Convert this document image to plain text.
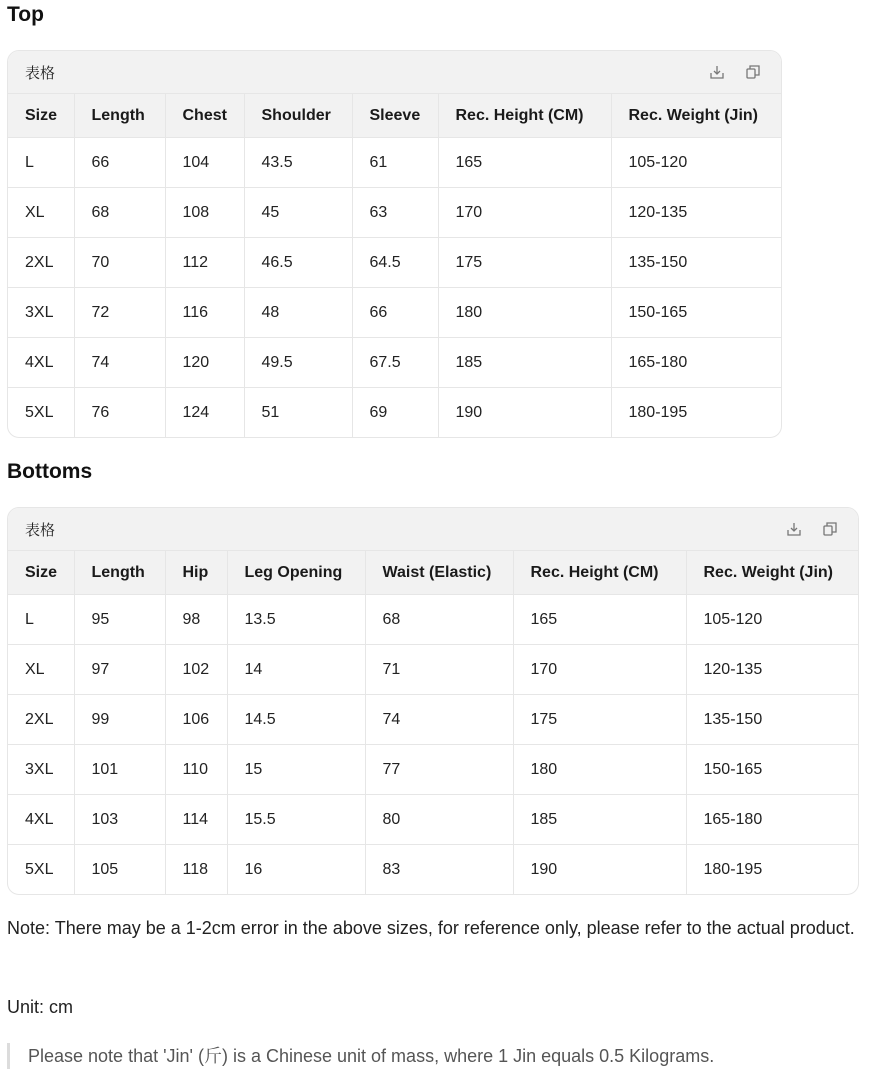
Top
表格
Size	Length	Chest	Shoulder	Sleeve	Rec. Height (CM)	Rec. Weight (Jin)
L	66	104	43.5	61	165	105-120
XL	68	108	45	63	170	120-135
2XL	70	112	46.5	64.5	175	135-150
3XL	72	116	48	66	180	150-165
4XL	74	120	49.5	67.5	185	165-180
5XL	76	124	51	69	190	180-195
Bottoms
表格
Size	Length	Hip	Leg Opening	Waist (Elastic)	Rec. Height (CM)	Rec. Weight (Jin)
L	95	98	13.5	68	165	105-120
XL	97	102	14	71	170	120-135
2XL	99	106	14.5	74	175	135-150
3XL	101	110	15	77	180	150-165
4XL	103	114	15.5	80	185	165-180
5XL	105	118	16	83	190	180-195

Note: There may be a 1-2cm error in the above sizes, for reference only, please refer to the actual product.

Unit: cm

Please note that 'Jin' (斤) is a Chinese unit of mass, where 1 Jin equals 0.5 Kilograms.
